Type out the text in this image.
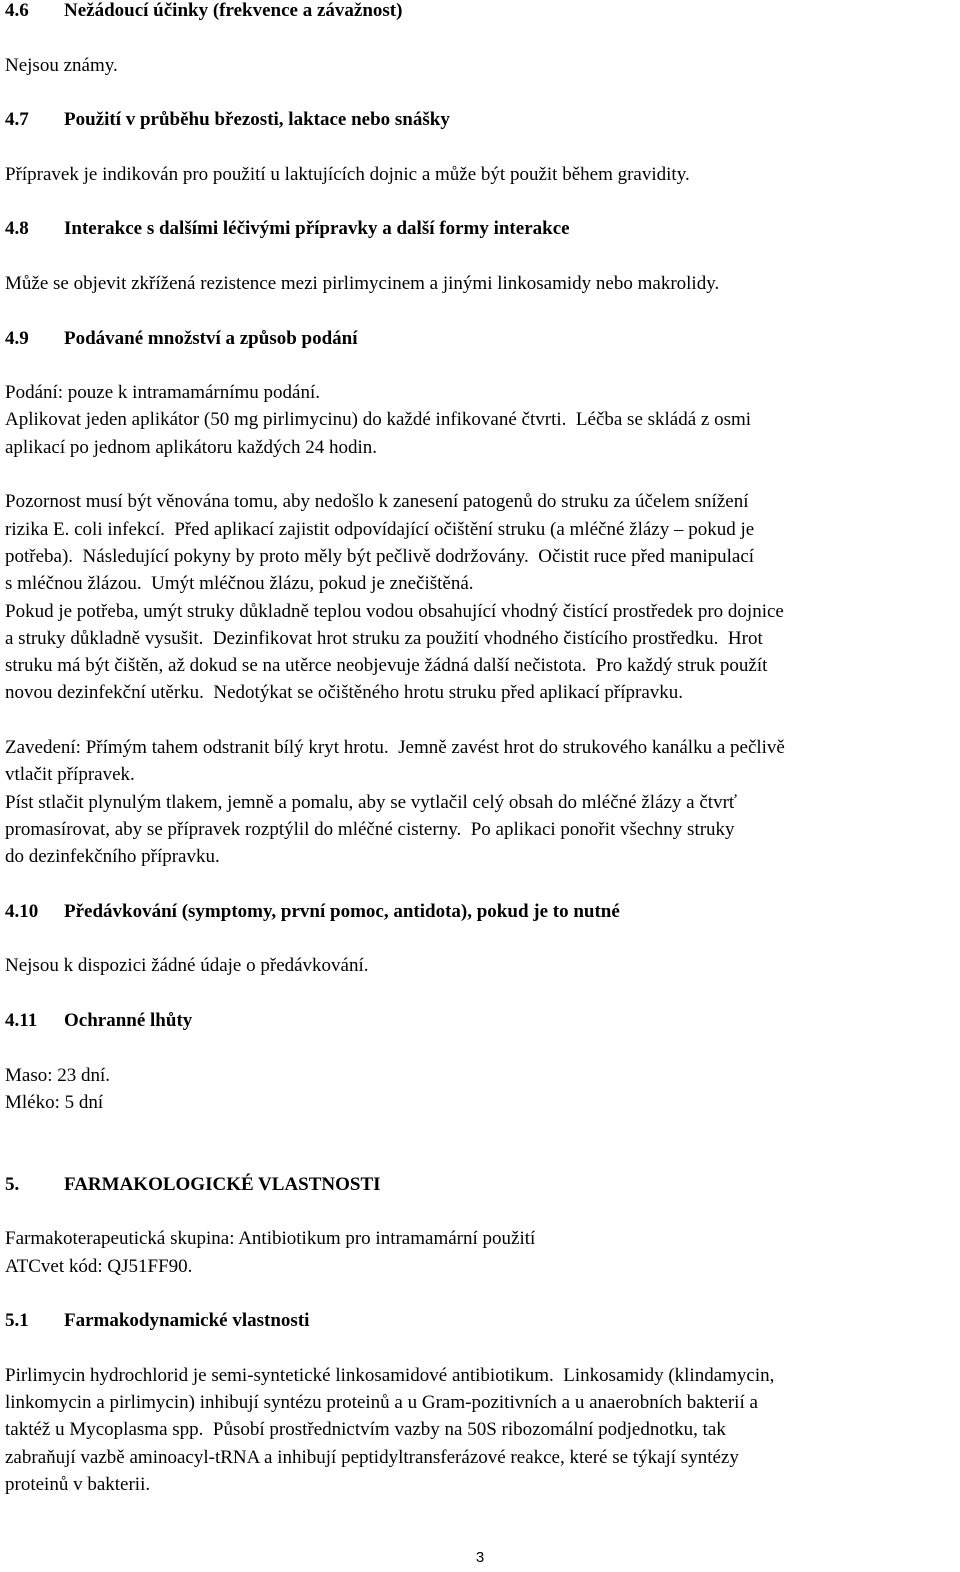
4.6 Nežádoucí účinky (frekvence a závažnost)
Nejsou známy.
4.7 Použití v průběhu březosti, laktace nebo snášky
Přípravek je indikován pro použití u laktujících dojnic a může být použit během gravidity.
4.8 Interakce s dalšími léčivými přípravky a další formy interakce
Může se objevit zkřížená rezistence mezi pirlimycinem a jinými linkosamidy nebo makrolidy.
4.9 Podávané množství a způsob podání
Podání: pouze k intramamárnímu podání.
Aplikovat jeden aplikátor (50 mg pirlimycinu) do každé infikované čtvrti.  Léčba se skládá z osmi
aplikací po jednom aplikátoru každých 24 hodin.
Pozornost musí být věnována tomu, aby nedošlo k zanesení patogenů do struku za účelem snížení
rizika E. coli infekcí.  Před aplikací zajistit odpovídající očištění struku (a mléčné žlázy – pokud je
potřeba).  Následující pokyny by proto měly být pečlivě dodržovány.  Očistit ruce před manipulací
s mléčnou žlázou.  Umýt mléčnou žlázu, pokud je znečištěná.
Pokud je potřeba, umýt struky důkladně teplou vodou obsahující vhodný čistící prostředek pro dojnice
a struky důkladně vysušit.  Dezinfikovat hrot struku za použití vhodného čistícího prostředku.  Hrot
struku má být čištěn, až dokud se na utěrce neobjevuje žádná další nečistota.  Pro každý struk použít
novou dezinfekční utěrku.  Nedotýkat se očištěného hrotu struku před aplikací přípravku.
Zavedení: Přímým tahem odstranit bílý kryt hrotu.  Jemně zavést hrot do strukového kanálku a pečlivě
vtlačit přípravek.
Píst stlačit plynulým tlakem, jemně a pomalu, aby se vytlačil celý obsah do mléčné žlázy a čtvrť
promasírovat, aby se přípravek rozptýlil do mléčné cisterny.  Po aplikaci ponořit všechny struky
do dezinfekčního přípravku.
4.10 Předávkování (symptomy, první pomoc, antidota), pokud je to nutné
Nejsou k dispozici žádné údaje o předávkování.
4.11 Ochranné lhůty
Maso: 23 dní.
Mléko: 5 dní
5. FARMAKOLOGICKÉ VLASTNOSTI
Farmakoterapeutická skupina: Antibiotikum pro intramamární použití
ATCvet kód: QJ51FF90.
5.1 Farmakodynamické vlastnosti
Pirlimycin hydrochlorid je semi-syntetické linkosamidové antibiotikum.  Linkosamidy (klindamycin,
linkomycin a pirlimycin) inhibují syntézu proteinů a u Gram-pozitivních a u anaerobních bakterií a
taktéž u Mycoplasma spp.  Působí prostřednictvím vazby na 50S ribozomální podjednotku, tak
zabraňují vazbě aminoacyl-tRNA a inhibují peptidyltransferázové reakce, které se týkají syntézy
proteinů v bakterii.
3
